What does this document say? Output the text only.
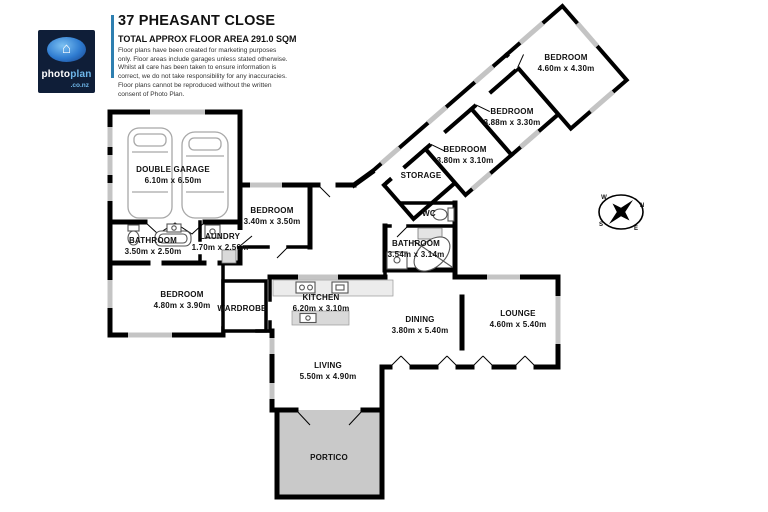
⌂
photoplan
.co.nz
37 PHEASANT CLOSE
TOTAL APPROX FLOOR AREA 291.0 SQM
Floor plans have been created for marketing purposes only. Floor areas include garages unless stated otherwise. Whilst all care has been taken to ensure information is correct, we do not take responsibility for any inaccuracies. Floor plans cannot be reproduced without the written consent of Photo Plan.
N
E
S
W
DOUBLE GARAGE
6.10m x 6.50m
BEDROOM
3.40m x 3.50m
BATHROOM
3.50m x 2.50m
LAUNDRY
1.70m x 2.50m
BEDROOM
4.80m x 3.90m WARDROBE
KITCHEN
6.20m x 3.10m
LIVING
5.50m x 4.90m
DINING
3.80m x 5.40m
LOUNGE
4.60m x 5.40m
PORTICO
BATHROOM
3.54m x 3.14m
WC
STORAGE
BEDROOM
3.80m x 3.10m
BEDROOM
3.88m x 3.30m
BEDROOM
4.60m x 4.30m
